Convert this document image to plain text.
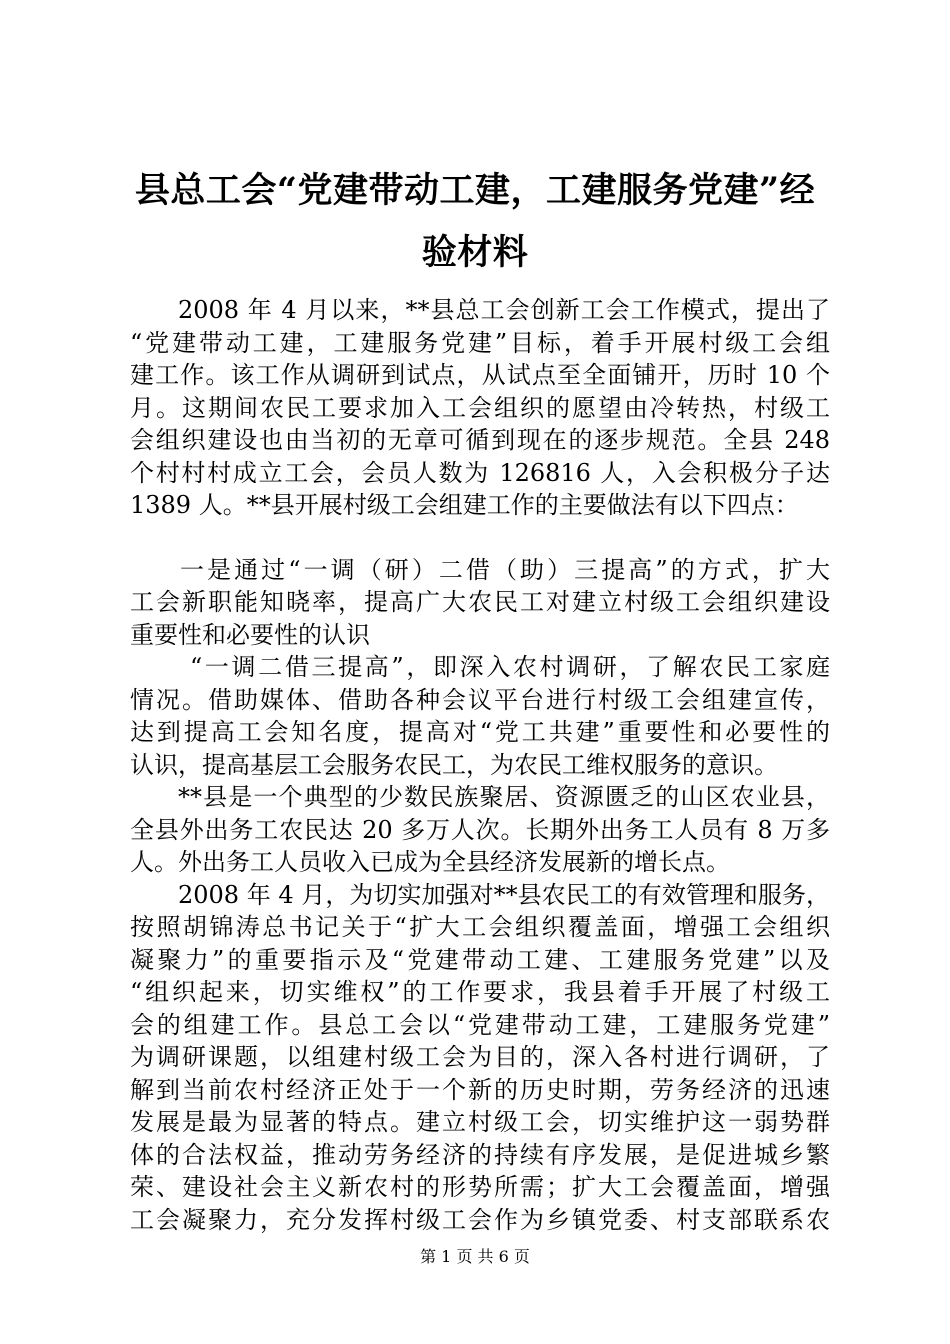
县总工会“党建带动工建，工建服务党建”经
验材料
2008 年 4 月以来，**县总工会创新工会工作模式，提出了
“党建带动工建，工建服务党建”目标，着手开展村级工会组
建工作。该工作从调研到试点，从试点至全面铺开，历时 10 个
月。这期间农民工要求加入工会组织的愿望由冷转热，村级工
会组织建设也由当初的无章可循到现在的逐步规范。全县 248
个村村村成立工会，会员人数为 126816 人，入会积极分子达
1389 人。**县开展村级工会组建工作的主要做法有以下四点：
一是通过“一调（研）二借（助）三提高”的方式，扩大
工会新职能知晓率，提高广大农民工对建立村级工会组织建设
重要性和必要性的认识
“一调二借三提高”，即深入农村调研，了解农民工家庭
情况。借助媒体、借助各种会议平台进行村级工会组建宣传，
达到提高工会知名度，提高对“党工共建”重要性和必要性的
认识，提高基层工会服务农民工，为农民工维权服务的意识。
**县是一个典型的少数民族聚居、资源匮乏的山区农业县，
全县外出务工农民达 20 多万人次。长期外出务工人员有 8 万多
人。外出务工人员收入已成为全县经济发展新的增长点。
2008 年 4 月，为切实加强对**县农民工的有效管理和服务，
按照胡锦涛总书记关于“扩大工会组织覆盖面，增强工会组织
凝聚力”的重要指示及“党建带动工建、工建服务党建”以及
“组织起来，切实维权”的工作要求，我县着手开展了村级工
会的组建工作。县总工会以“党建带动工建，工建服务党建”
为调研课题，以组建村级工会为目的，深入各村进行调研，了
解到当前农村经济正处于一个新的历史时期，劳务经济的迅速
发展是最为显著的特点。建立村级工会，切实维护这一弱势群
体的合法权益，推动劳务经济的持续有序发展，是促进城乡繁
荣、建设社会主义新农村的形势所需；扩大工会覆盖面，增强
工会凝聚力，充分发挥村级工会作为乡镇党委、村支部联系农
第 1 页 共 6 页
